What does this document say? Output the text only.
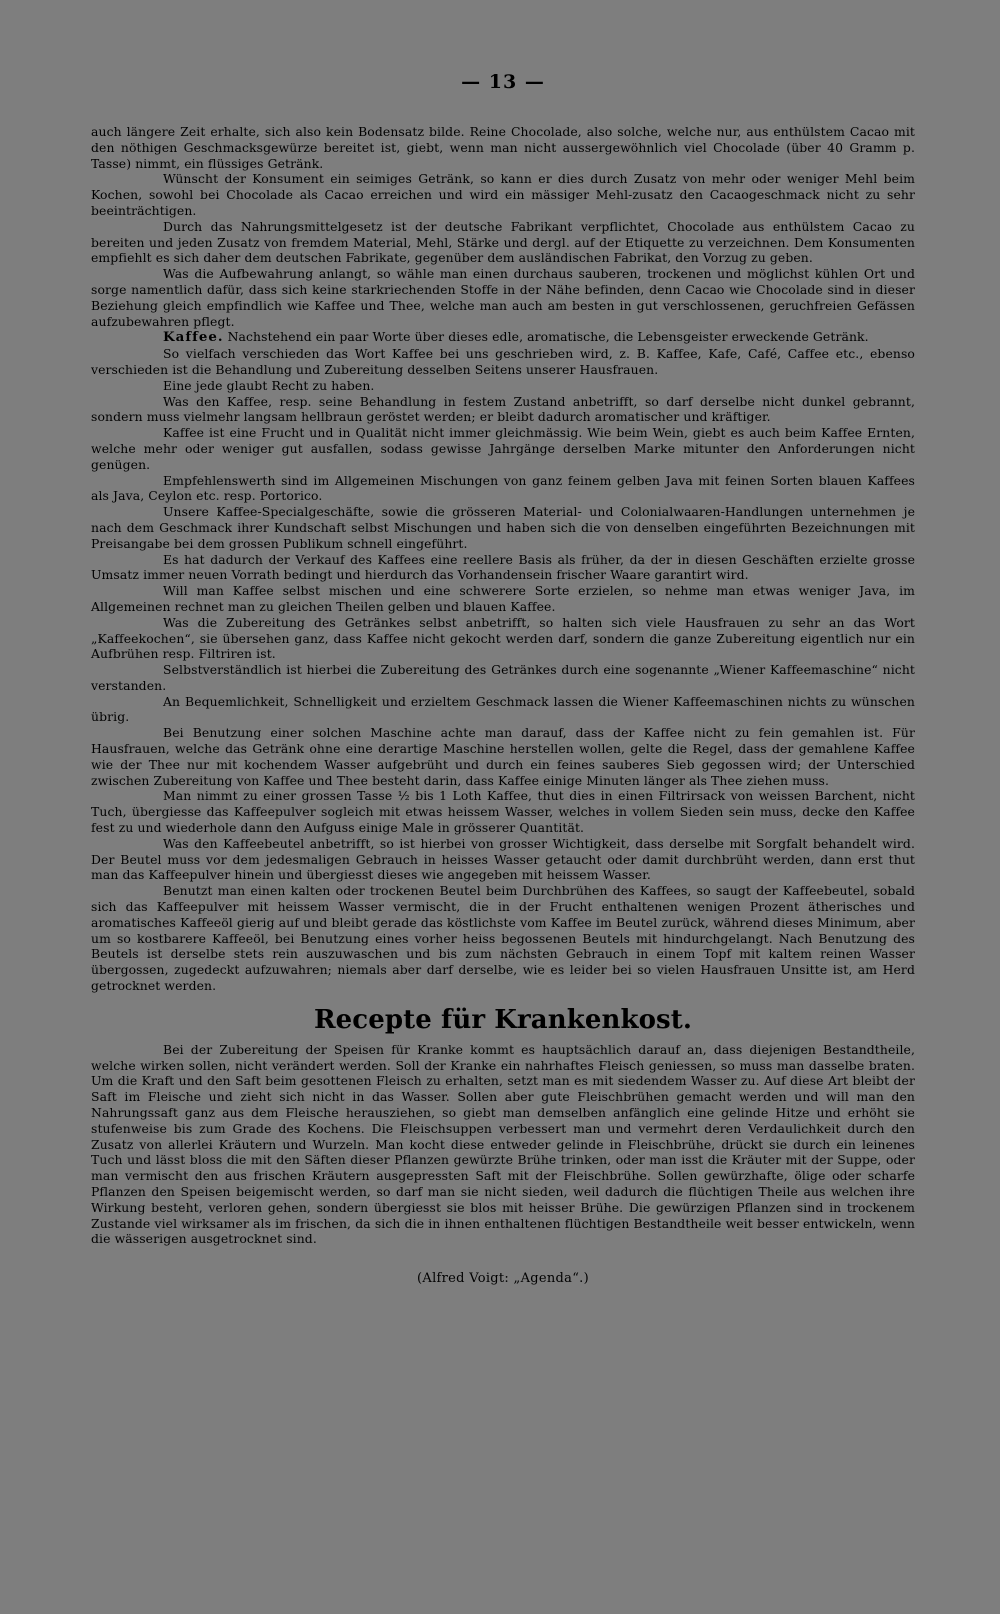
— 13 —

auch längere Zeit erhalte, sich also kein Bodensatz bilde. Reine Chocolade, also solche, welche nur, aus enthülstem Cacao mit den nöthigen Geschmacksgewürze bereitet ist, giebt, wenn man nicht aussergewöhnlich viel Chocolade (über 40 Gramm p. Tasse) nimmt, ein flüssiges Getränk.

Wünscht der Konsument ein seimiges Getränk, so kann er dies durch Zusatz von mehr oder weniger Mehl beim Kochen, sowohl bei Chocolade als Cacao erreichen und wird ein mässiger Mehl-zusatz den Cacaogeschmack nicht zu sehr beeinträchtigen.

Durch das Nahrungsmittelgesetz ist der deutsche Fabrikant verpflichtet, Chocolade aus enthülstem Cacao zu bereiten und jeden Zusatz von fremdem Material, Mehl, Stärke und dergl. auf der Etiquette zu verzeichnen. Dem Konsumenten empfiehlt es sich daher dem deutschen Fabrikate, gegenüber dem ausländischen Fabrikat, den Vorzug zu geben.

Was die Aufbewahrung anlangt, so wähle man einen durchaus sauberen, trockenen und möglichst kühlen Ort und sorge namentlich dafür, dass sich keine starkriechenden Stoffe in der Nähe befinden, denn Cacao wie Chocolade sind in dieser Beziehung gleich empfindlich wie Kaffee und Thee, welche man auch am besten in gut verschlossenen, geruchfreien Gefässen aufzubewahren pflegt.

Kaffee. Nachstehend ein paar Worte über dieses edle, aromatische, die Lebensgeister erweckende Getränk.

So vielfach verschieden das Wort Kaffee bei uns geschrieben wird, z. B. Kaffee, Kafe, Café, Caffee etc., ebenso verschieden ist die Behandlung und Zubereitung desselben Seitens unserer Hausfrauen.

Eine jede glaubt Recht zu haben.

Was den Kaffee, resp. seine Behandlung in festem Zustand anbetrifft, so darf derselbe nicht dunkel gebrannt, sondern muss vielmehr langsam hellbraun geröstet werden; er bleibt dadurch aromatischer und kräftiger.

Kaffee ist eine Frucht und in Qualität nicht immer gleichmässig. Wie beim Wein, giebt es auch beim Kaffee Ernten, welche mehr oder weniger gut ausfallen, sodass gewisse Jahrgänge derselben Marke mitunter den Anforderungen nicht genügen.

Empfehlenswerth sind im Allgemeinen Mischungen von ganz feinem gelben Java mit feinen Sorten blauen Kaffees als Java, Ceylon etc. resp. Portorico.

Unsere Kaffee-Specialgeschäfte, sowie die grösseren Material- und Colonialwaaren-Handlungen unternehmen je nach dem Geschmack ihrer Kundschaft selbst Mischungen und haben sich die von denselben eingeführten Bezeichnungen mit Preisangabe bei dem grossen Publikum schnell eingeführt.

Es hat dadurch der Verkauf des Kaffees eine reellere Basis als früher, da der in diesen Geschäften erzielte grosse Umsatz immer neuen Vorrath bedingt und hierdurch das Vorhandensein frischer Waare garantirt wird.

Will man Kaffee selbst mischen und eine schwerere Sorte erzielen, so nehme man etwas weniger Java, im Allgemeinen rechnet man zu gleichen Theilen gelben und blauen Kaffee.

Was die Zubereitung des Getränkes selbst anbetrifft, so halten sich viele Hausfrauen zu sehr an das Wort „Kaffeekochen“, sie übersehen ganz, dass Kaffee nicht gekocht werden darf, sondern die ganze Zubereitung eigentlich nur ein Aufbrühen resp. Filtriren ist.

Selbstverständlich ist hierbei die Zubereitung des Getränkes durch eine sogenannte „Wiener Kaffeemaschine“ nicht verstanden.

An Bequemlichkeit, Schnelligkeit und erzieltem Geschmack lassen die Wiener Kaffeemaschinen nichts zu wünschen übrig.

Bei Benutzung einer solchen Maschine achte man darauf, dass der Kaffee nicht zu fein gemahlen ist. Für Hausfrauen, welche das Getränk ohne eine derartige Maschine herstellen wollen, gelte die Regel, dass der gemahlene Kaffee wie der Thee nur mit kochendem Wasser aufgebrüht und durch ein feines sauberes Sieb gegossen wird; der Unterschied zwischen Zubereitung von Kaffee und Thee besteht darin, dass Kaffee einige Minuten länger als Thee ziehen muss.

Man nimmt zu einer grossen Tasse ½ bis 1 Loth Kaffee, thut dies in einen Filtrirsack von weissen Barchent, nicht Tuch, übergiesse das Kaffeepulver sogleich mit etwas heissem Wasser, welches in vollem Sieden sein muss, decke den Kaffee fest zu und wiederhole dann den Aufguss einige Male in grösserer Quantität.

Was den Kaffeebeutel anbetrifft, so ist hierbei von grosser Wichtigkeit, dass derselbe mit Sorgfalt behandelt wird. Der Beutel muss vor dem jedesmaligen Gebrauch in heisses Wasser getaucht oder damit durchbrüht werden, dann erst thut man das Kaffeepulver hinein und übergiesst dieses wie angegeben mit heissem Wasser.

Benutzt man einen kalten oder trockenen Beutel beim Durchbrühen des Kaffees, so saugt der Kaffeebeutel, sobald sich das Kaffeepulver mit heissem Wasser vermischt, die in der Frucht enthaltenen wenigen Prozent ätherisches und aromatisches Kaffeeöl gierig auf und bleibt gerade das köstlichste vom Kaffee im Beutel zurück, während dieses Minimum, aber um so kostbarere Kaffeeöl, bei Benutzung eines vorher heiss begossenen Beutels mit hindurchgelangt. Nach Benutzung des Beutels ist derselbe stets rein auszuwaschen und bis zum nächsten Gebrauch in einem Topf mit kaltem reinen Wasser übergossen, zugedeckt aufzuwahren; niemals aber darf derselbe, wie es leider bei so vielen Hausfrauen Unsitte ist, am Herd getrocknet werden.

Recepte für Krankenkost.

Bei der Zubereitung der Speisen für Kranke kommt es hauptsächlich darauf an, dass diejenigen Bestandtheile, welche wirken sollen, nicht verändert werden. Soll der Kranke ein nahrhaftes Fleisch geniessen, so muss man dasselbe braten. Um die Kraft und den Saft beim gesottenen Fleisch zu erhalten, setzt man es mit siedendem Wasser zu. Auf diese Art bleibt der Saft im Fleische und zieht sich nicht in das Wasser. Sollen aber gute Fleischbrühen gemacht werden und will man den Nahrungssaft ganz aus dem Fleische herausziehen, so giebt man demselben anfänglich eine gelinde Hitze und erhöht sie stufenweise bis zum Grade des Kochens. Die Fleischsuppen verbessert man und vermehrt deren Verdaulichkeit durch den Zusatz von allerlei Kräutern und Wurzeln. Man kocht diese entweder gelinde in Fleischbrühe, drückt sie durch ein leinenes Tuch und lässt bloss die mit den Säften dieser Pflanzen gewürzte Brühe trinken, oder man isst die Kräuter mit der Suppe, oder man vermischt den aus frischen Kräutern ausgepressten Saft mit der Fleischbrühe. Sollen gewürzhafte, ölige oder scharfe Pflanzen den Speisen beigemischt werden, so darf man sie nicht sieden, weil dadurch die flüchtigen Theile aus welchen ihre Wirkung besteht, verloren gehen, sondern übergiesst sie blos mit heisser Brühe. Die gewürzigen Pflanzen sind in trockenem Zustande viel wirksamer als im frischen, da sich die in ihnen enthaltenen flüchtigen Bestandtheile weit besser entwickeln, wenn die wässerigen ausgetrocknet sind.

(Alfred Voigt: „Agenda“.)
